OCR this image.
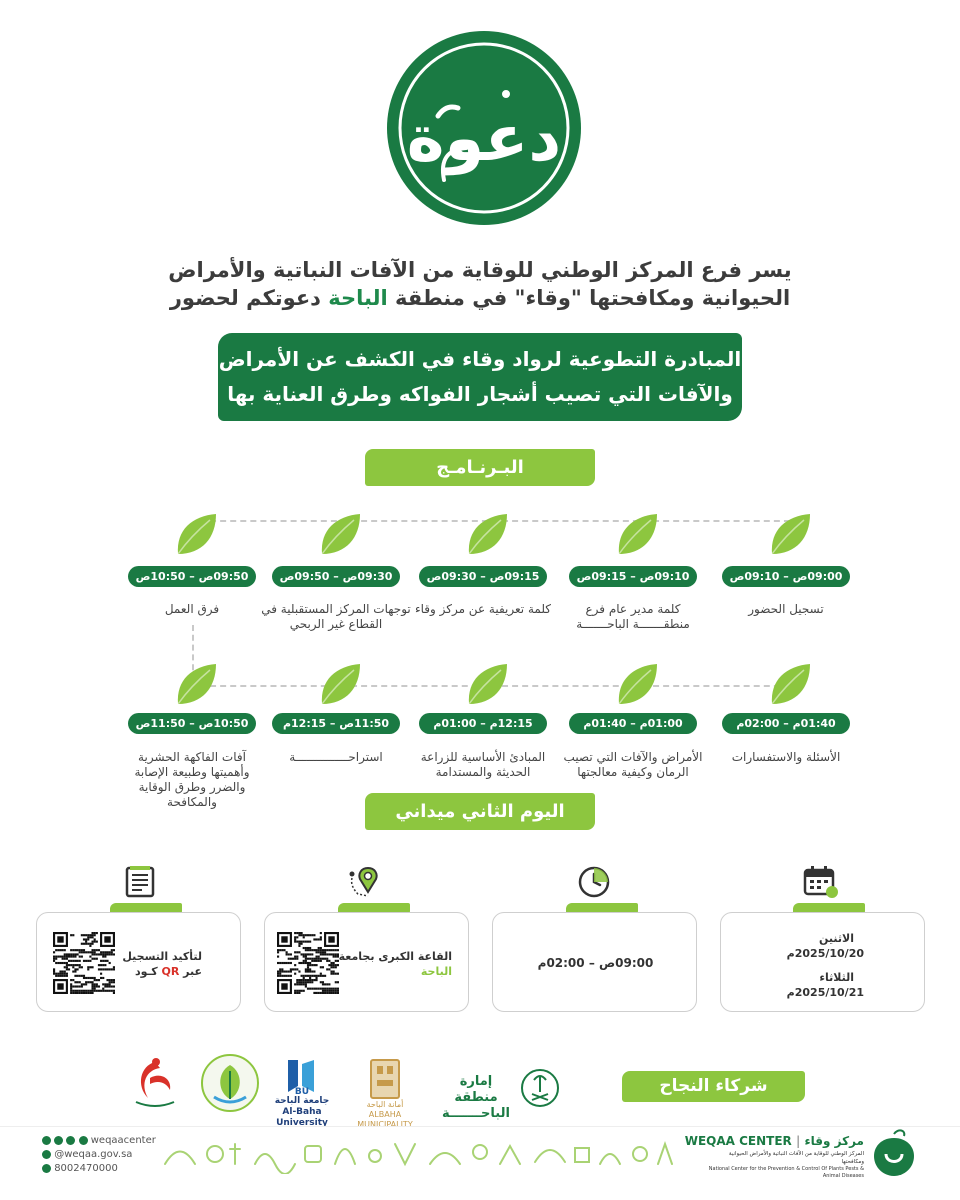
دعوة
يسر فرع المركز الوطني للوقاية من الآفات النباتية والأمراض
الحيوانية ومكافحتها "وقاء" في منطقة الباحة دعوتكم لحضور
المبادرة التطوعية لرواد وقاء في الكشف عن الأمراض
والآفات التي تصيب أشجار الفواكه وطرق العناية بها
البـرنـامـج
09:00ص – 09:10ص
تسجيل الحضور
09:10ص – 09:15ص
كلمة مدير عام فرع منطقـــــــة الباحـــــــة
09:15ص – 09:30ص
كلمة تعريفية عن مركز وقاء
09:30ص – 09:50ص
توجهات المركز المستقبلية في القطاع غير الربحي
09:50ص – 10:50ص
فرق العمل
01:40م – 02:00م
الأسئلة والاستفسارات
01:00م – 01:40م
الأمراض والآفات التي تصيب الرمان وكيفية معالجتها
12:15م – 01:00م
المبادئ الأساسية للزراعة الحديثة والمستدامة
11:50ص – 12:15م
استراحـــــــــــــــة
10:50ص – 11:50ص
آفات الفاكهة الحشرية وأهميتها وطبيعة الإصابة والضرر وطرق الوقاية والمكافحة	اليوم الثاني ميداني
الاثنين
2025/10/20م
الثلاثاء
2025/10/21م
09:00ص – 02:00م
القاعة الكبرى بجامعة
الباحة
لتأكيد التسجيل
عبر QR كـود
شركاء النجاح
إمارة منطقة
الباحـــــــة
أمانة الباحة
ALBAHA MUNICIPALITY
BU
جامعة الباحة
Al-Baha University
مركز وقاء | WEQAA CENTER
المركز الوطني للوقاية من الآفات النباتية والأمراض الحيوانية ومكافحتها
National Center for the Prevention & Control Of Plants Pests & Animal Diseases
weqaacenter
@weqaa.gov.sa
8002470000
